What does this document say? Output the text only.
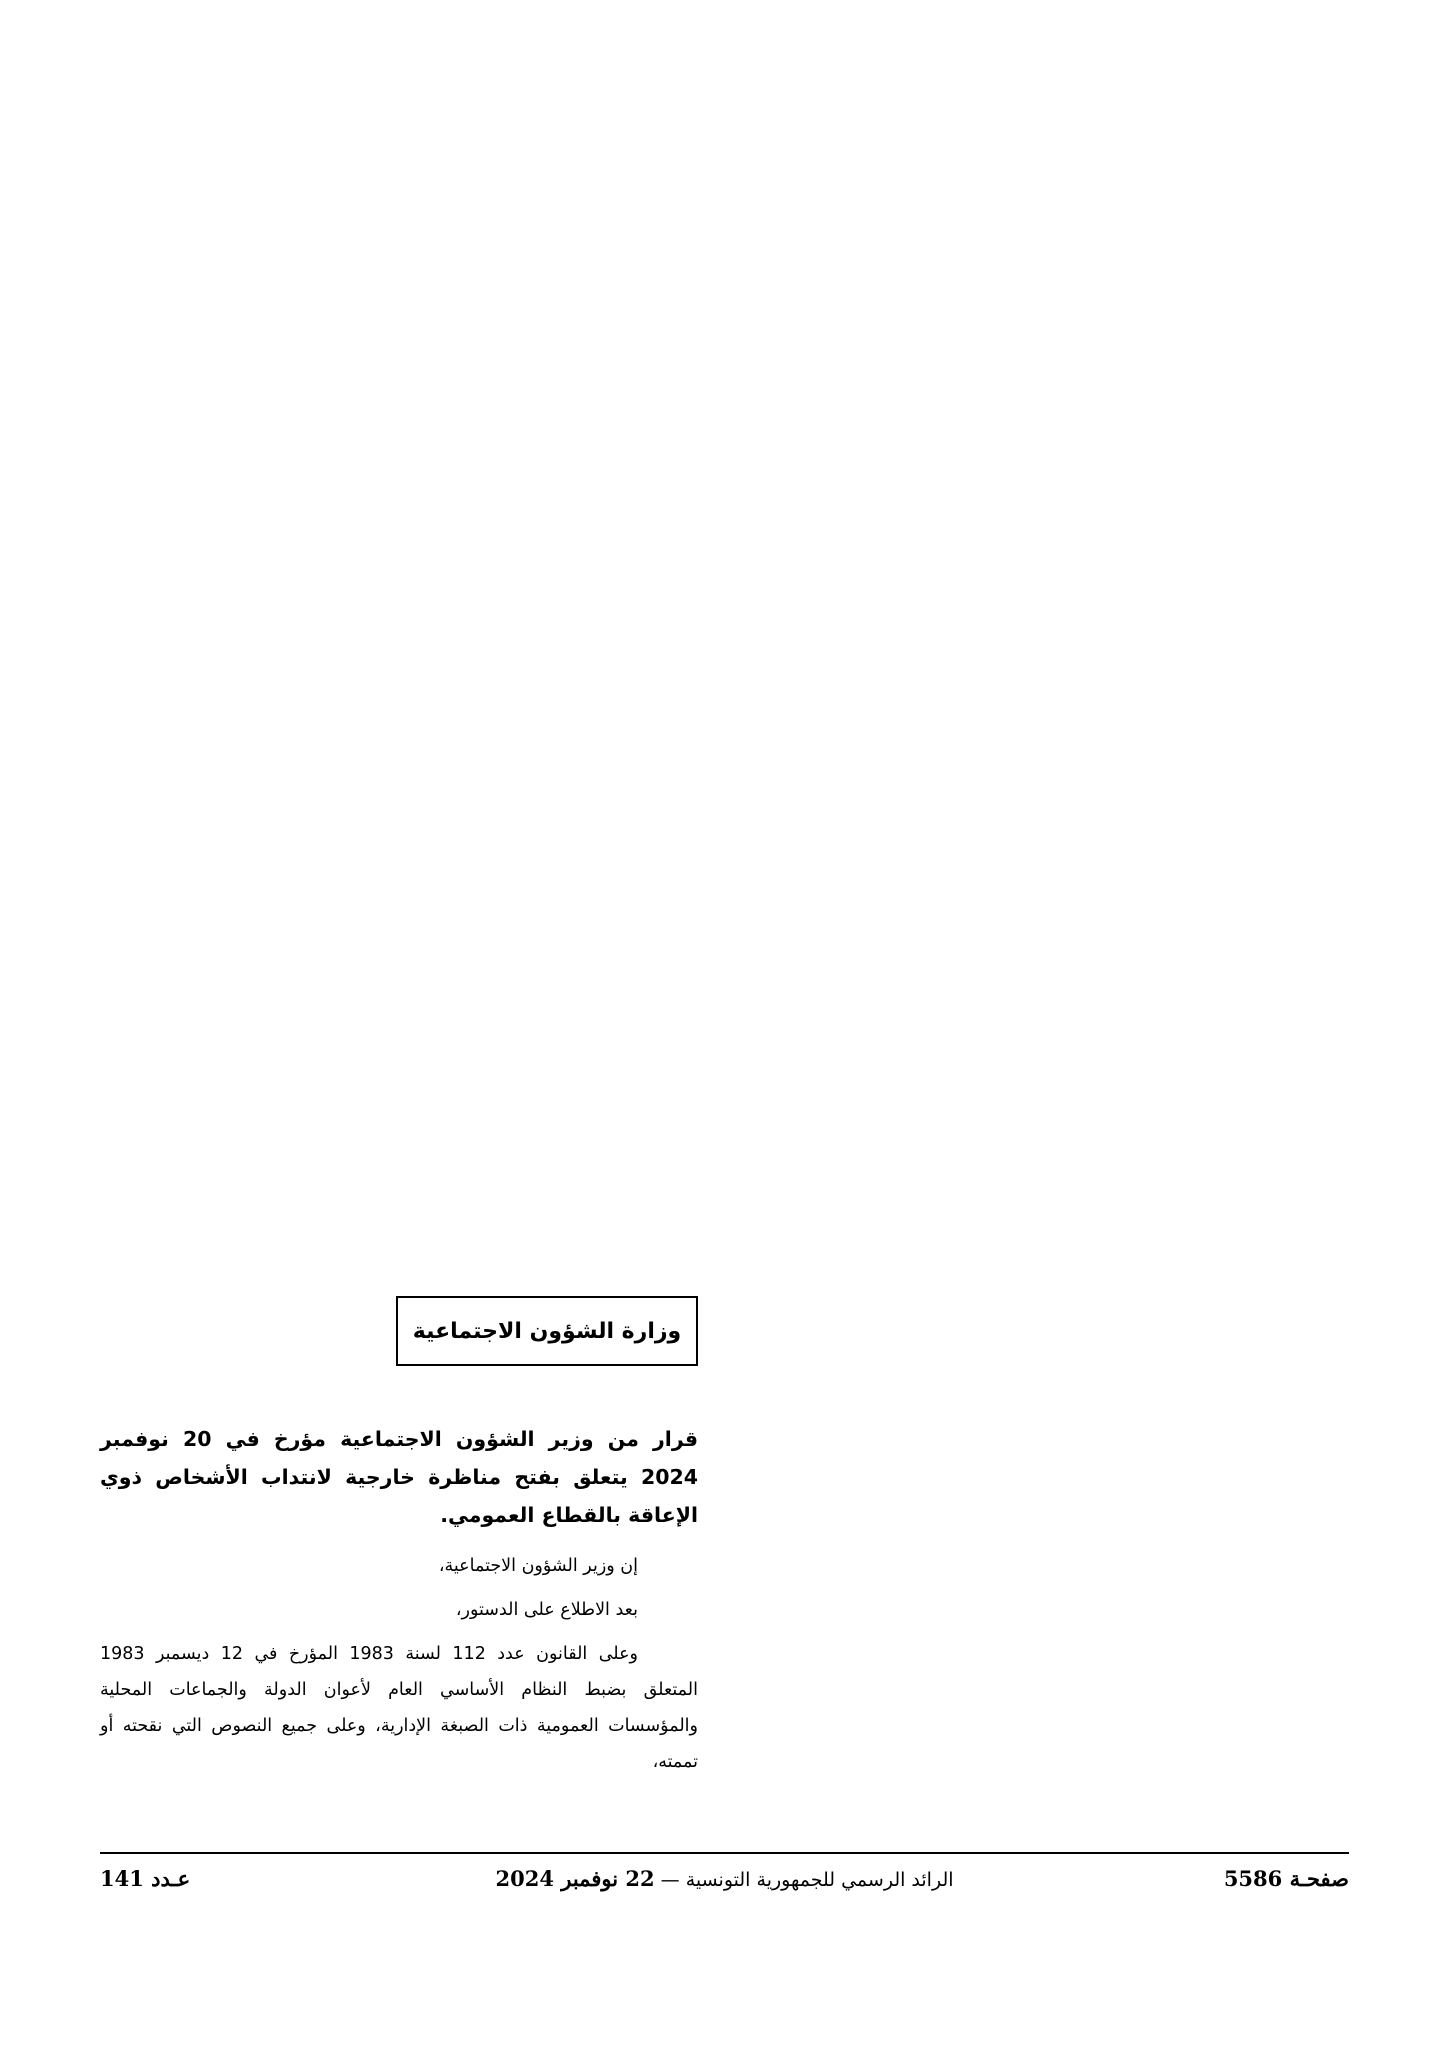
وزارة الشؤون الاجتماعية
قرار من وزير الشؤون الاجتماعية مؤرخ في 20 نوفمبر 2024 يتعلق بفتح مناظرة خارجية لانتداب الأشخاص ذوي الإعاقة بالقطاع العمومي.
إن وزير الشؤون الاجتماعية،
بعد الاطلاع على الدستور،
وعلى القانون عدد 112 لسنة 1983 المؤرخ في 12 ديسمبر 1983 المتعلق بضبط النظام الأساسي العام لأعوان الدولة والجماعات المحلية والمؤسسات العمومية ذات الصبغة الإدارية، وعلى جميع النصوص التي نقحته أو تممته،
صفحـة 5586
الرائد الرسمي للجمهورية التونسية — 22 نوفمبر 2024
عـدد 141
